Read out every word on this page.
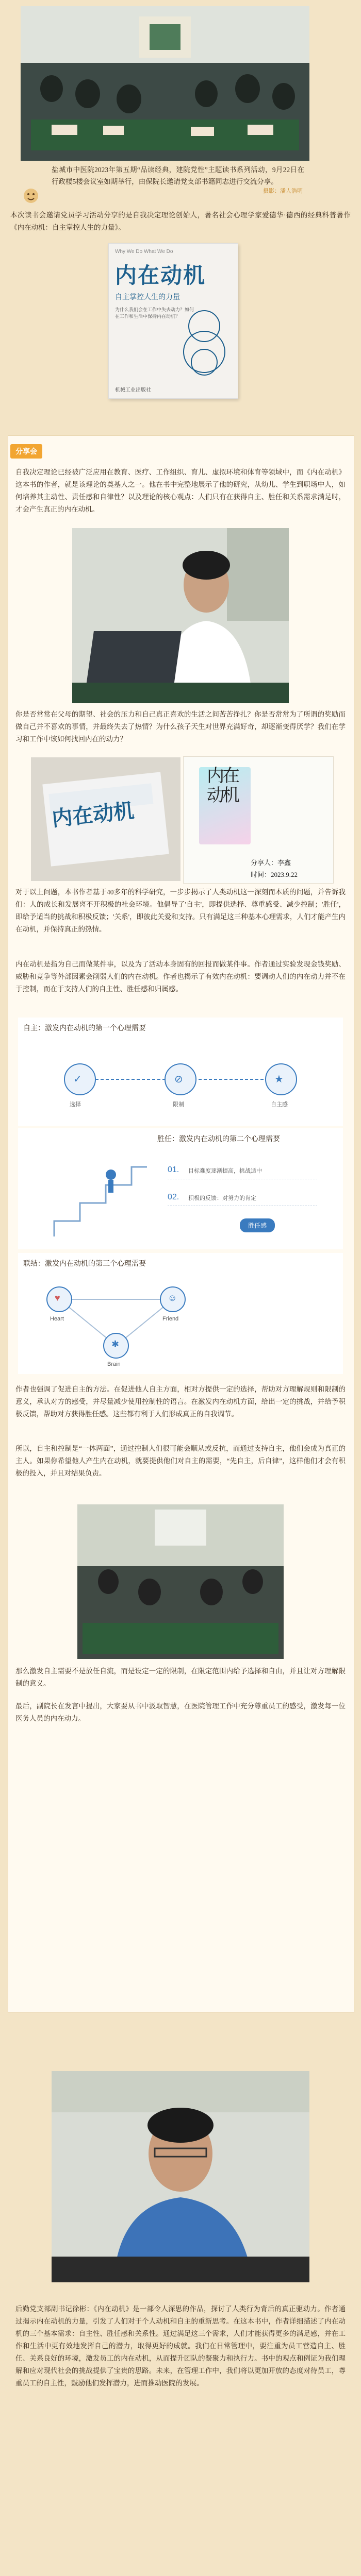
盐城市中医院2023年第五期“品读经典，建院党性”主题读书系列活动，9月22日在行政楼5楼会议室如期举行，由保院长邀请党支部书籍同志进行交流分享。
摄影：潘人浩明
本次读书会邀请党员学习活动分享的是自我决定理论创始人，著名社会心理学家爱德华·德西的经典科普著作《内在动机：自主掌控人生的力量》。
Why We Do What We Do
内在动机
自主掌控人生的力量
为什么我们会在工作中失去动力？如何在工作和生活中保持内在动机？
机械工业出版社
分享会
自我决定理论已经被广泛应用在教育、医疗、工作组织、育儿、虚拟环境和体育等领域中，而《内在动机》这本书的作者，就是该理论的奠基人之一。他在书中完整地展示了他的研究，从幼儿、学生到职场中人，如何培养其主动性、责任感和自律性？以及理论的核心观点：人们只有在获得自主、胜任和关系需求满足时，才会产生真正的内在动机。
你是否常常在父母的期望、社会的压力和自己真正喜欢的生活之间苦苦挣扎？你是否常常为了所谓的奖励而做自己并不喜欢的事情，并最终失去了热情？为什么孩子天生对世界充满好奇，却逐渐变得厌学？我们在学习和工作中该如何找回内在的动力？
内在动机
内
在
动
机
分享人：李鑫
时间：2023.9.22
对于以上问题，本书作者基于40多年的科学研究，一步步揭示了人类动机这一深刻而本质的问题，并告诉我们：人的成长和发展离不开积极的社会环境。他倡导了'自主'，即提供选择、尊重感受、减少控制；'胜任'，即给予适当的挑战和积极反馈；'关系'，即彼此关爱和支持。只有满足这三种基本心理需求，人们才能产生内在动机，并保持真正的热情。
内在动机是指为自己而做某件事，以及为了活动本身固有的回报而做某件事。作者通过实验发现金钱奖励、威胁和竞争等外部因素会削弱人们的内在动机。作者也揭示了有效内在动机：要调动人们的内在动力并不在于控制，而在于支持人们的自主性、胜任感和归属感。
自主：激发内在动机的第一个心理需要
✓	⊘	★
选择	限制	自主感
胜任：激发内在动机的第二个心理需要
01. 目标难度逐渐提高，挑战适中
02. 积极的反馈：对努力的肯定
胜任感
联结：激发内在动机的第三个心理需要
♥
✱
☺
Heart
Brain
Friend
作者也强调了促进自主的方法。在促进他人自主方面，相对方提供一定的选择，帮助对方理解规则和限制的意义，承认对方的感受，并尽量减少使用控制性的语言。在激发内在动机方面，给出一定的挑战，并给予积极反馈，帮助对方获得胜任感。这些都有利于人们形成真正的自我调节。
所以，自主和控制是“一体两面”，通过控制人们很可能会顺从或反抗，而通过支持自主，他们会成为真正的主人。如果你希望他人产生内在动机，就要提供他们对自主的需要，“先自主，后自律”，这样他们才会有积极的投入，并且对结果负责。
那么激发自主需要不是放任自流，而是设定一定的限制，在限定范围内给予选择和自由，并且让对方理解限制的意义。
最后，副院长在发言中提出，大家要从书中汲取智慧，在医院管理工作中充分尊重员工的感受，激发每一位医务人员的内在动力。
后勤党支部副书记徐彬：《内在动机》是一部令人深思的作品，探讨了人类行为背后的真正驱动力。作者通过揭示内在动机的力量，引发了人们对于个人动机和自主的重新思考。在这本书中，作者详细描述了内在动机的三个基本需求：自主性、胜任感和关系性。通过满足这三个需求，人们才能获得更多的满足感，并在工作和生活中更有效地发挥自己的潜力，取得更好的成就。我们在日常管理中，要注重为员工营造自主、胜任、关系良好的环境，激发员工的内在动机，从而提升团队的凝聚力和执行力。书中的观点和例证为我们理解和应对现代社会的挑战提供了宝贵的思路。未来，在管理工作中，我们将以更加开放的态度对待员工，尊重员工的自主性，鼓励他们发挥潜力，进而推动医院的发展。
